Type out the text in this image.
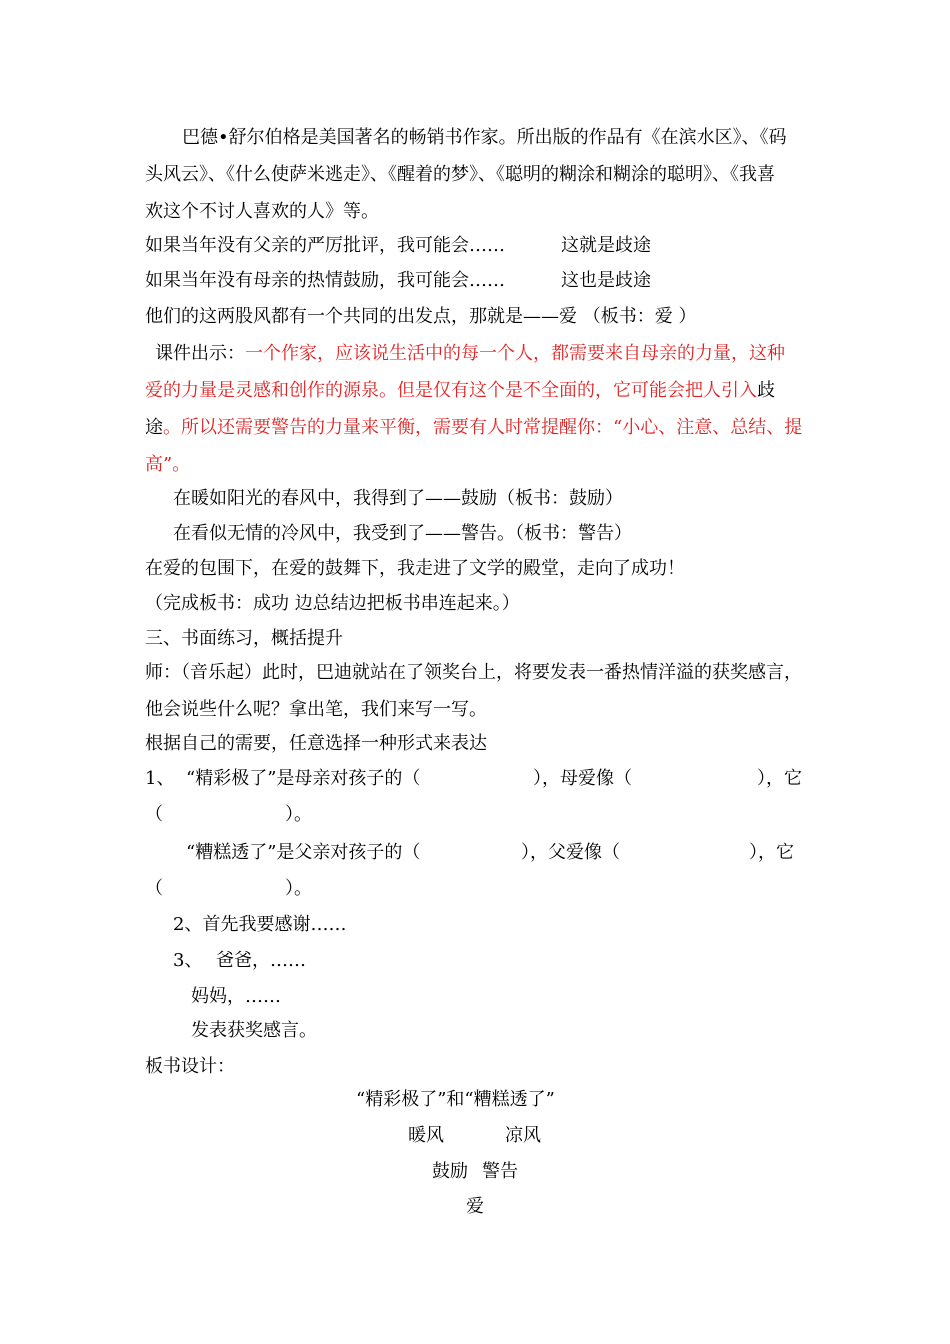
巴德•舒尔伯格是美国著名的畅销书作家。所出版的作品有《在滨水区》、《码
头风云》、《什么使萨米逃走》、《醒着的梦》、《聪明的糊涂和糊涂的聪明》、《我喜
欢这个不讨人喜欢的人》等。
如果当年没有父亲的严厉批评，我可能会……	这就是歧途
如果当年没有母亲的热情鼓励，我可能会……	这也是歧途
他们的这两股风都有一个共同的出发点，那就是——爱 （板书：爱 ）
课件出示：一个作家，应该说生活中的每一个人，都需要来自母亲的力量，这种
爱的力量是灵感和创作的源泉。但是仅有这个是不全面的，它可能会把人引入歧
途。所以还需要警告的力量来平衡，需要有人时常提醒你：“小心、注意、总结、提
高”。
在暖如阳光的春风中，我得到了——鼓励（板书：鼓励）
在看似无情的冷风中，我受到了——警告。（板书：警告）
在爱的包围下，在爱的鼓舞下，我走进了文学的殿堂，走向了成功！
（完成板书：成功 边总结边把板书串连起来。）
三、书面练习，概括提升
师：（音乐起）此时，巴迪就站在了领奖台上，将要发表一番热情洋溢的获奖感言，
他会说些什么呢？拿出笔，我们来写一写。
根据自己的需要，任意选择一种形式来表达
1、 “精彩极了”是母亲对孩子的（	），母爱像（	），它
（	）。
“糟糕透了”是父亲对孩子的（	），父爱像（	），它
（	）。
2、首先我要感谢……
3、 爸爸，……
妈妈，……
发表获奖感言。
板书设计：
“精彩极了”和“糟糕透了”
暖风	凉风
鼓励 警告
爱
